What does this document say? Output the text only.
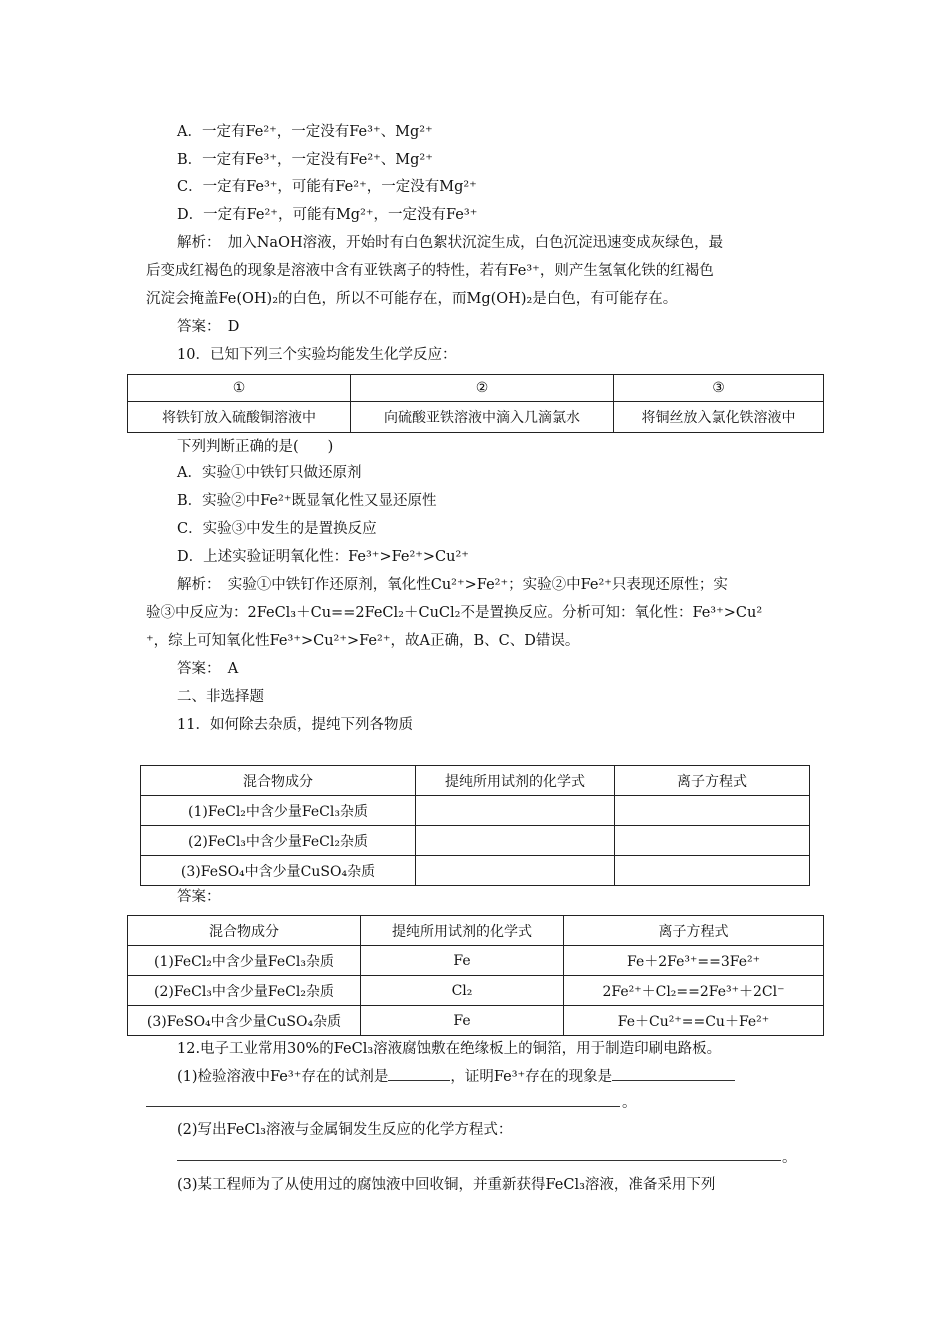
A．一定有Fe²⁺，一定没有Fe³⁺、Mg²⁺
B．一定有Fe³⁺，一定没有Fe²⁺、Mg²⁺
C．一定有Fe³⁺，可能有Fe²⁺，一定没有Mg²⁺
D．一定有Fe²⁺，可能有Mg²⁺，一定没有Fe³⁺
解析：　加入NaOH溶液，开始时有白色絮状沉淀生成，白色沉淀迅速变成灰绿色，最
后变成红褐色的现象是溶液中含有亚铁离子的特性，若有Fe³⁺，则产生氢氧化铁的红褐色
沉淀会掩盖Fe(OH)₂的白色，所以不可能存在，而Mg(OH)₂是白色，有可能存在。
答案：　D
10．已知下列三个实验均能发生化学反应：
①	②	③
将铁钉放入硫酸铜溶液中	向硫酸亚铁溶液中滴入几滴氯水	将铜丝放入氯化铁溶液中
下列判断正确的是(　　)
A．实验①中铁钉只做还原剂
B．实验②中Fe²⁺既显氧化性又显还原性
C．实验③中发生的是置换反应
D．上述实验证明氧化性：Fe³⁺>Fe²⁺>Cu²⁺
解析：　实验①中铁钉作还原剂，氧化性Cu²⁺>Fe²⁺；实验②中Fe²⁺只表现还原性；实
验③中反应为：2FeCl₃＋Cu==2FeCl₂＋CuCl₂不是置换反应。分析可知：氧化性：Fe³⁺>Cu²
⁺，综上可知氧化性Fe³⁺>Cu²⁺>Fe²⁺，故A正确，B、C、D错误。
答案：　A
二、非选择题
11．如何除去杂质，提纯下列各物质
混合物成分	提纯所用试剂的化学式	离子方程式
(1)FeCl₂中含少量FeCl₃杂质		
(2)FeCl₃中含少量FeCl₂杂质		
(3)FeSO₄中含少量CuSO₄杂质		
答案：
混合物成分	提纯所用试剂的化学式	离子方程式
(1)FeCl₂中含少量FeCl₃杂质	Fe	Fe＋2Fe³⁺==3Fe²⁺
(2)FeCl₃中含少量FeCl₂杂质	Cl₂	2Fe²⁺＋Cl₂==2Fe³⁺＋2Cl⁻
(3)FeSO₄中含少量CuSO₄杂质	Fe	Fe＋Cu²⁺==Cu＋Fe²⁺
12.电子工业常用30%的FeCl₃溶液腐蚀敷在绝缘板上的铜箔，用于制造印刷电路板。
(1)检验溶液中Fe³⁺存在的试剂是	，证明Fe³⁺存在的现象是
。
(2)写出FeCl₃溶液与金属铜发生反应的化学方程式：
。
(3)某工程师为了从使用过的腐蚀液中回收铜，并重新获得FeCl₃溶液，准备采用下列
